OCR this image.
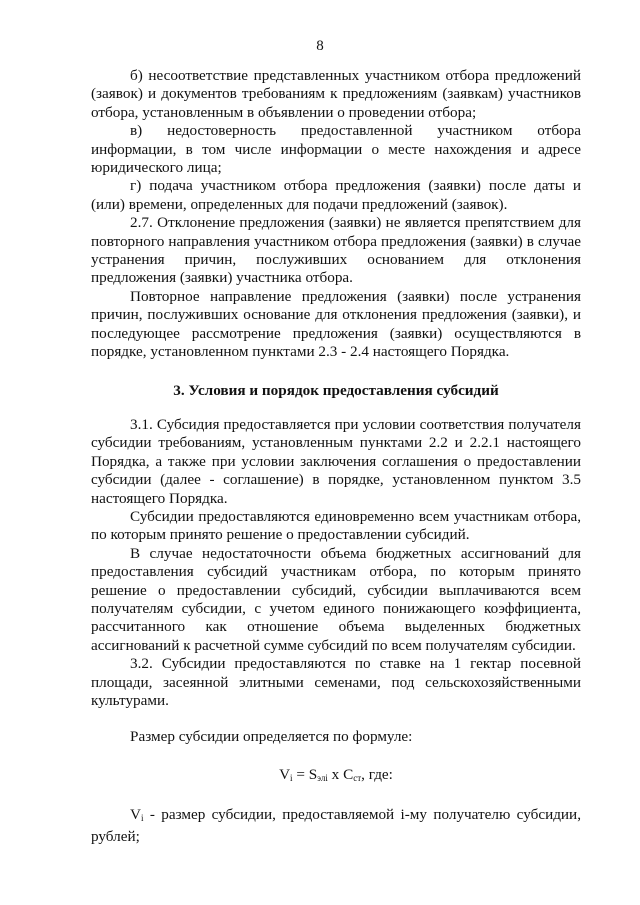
8

б) несоответствие представленных участником отбора предложений (заявок) и документов требованиям к предложениям (заявкам) участников отбора, установленным в объявлении о проведении отбора;

в) недостоверность предоставленной участником отбора информации, в том числе информации о месте нахождения и адресе юридического лица;

г) подача участником отбора предложения (заявки) после даты и (или) времени, определенных для подачи предложений (заявок).

2.7. Отклонение предложения (заявки) не является препятствием для повторного направления участником отбора предложения (заявки) в случае устранения причин, послуживших основанием для отклонения предложения (заявки) участника отбора.

Повторное направление предложения (заявки) после устранения причин, послуживших основание для отклонения предложения (заявки), и последующее рассмотрение предложения (заявки) осуществляются в порядке, установленном пунктами 2.3 - 2.4 настоящего Порядка.

3. Условия и порядок предоставления субсидий

3.1. Субсидия предоставляется при условии соответствия получателя субсидии требованиям, установленным пунктами 2.2 и 2.2.1 настоящего Порядка, а также при условии заключения соглашения о предоставлении субсидии (далее - соглашение) в порядке, установленном пунктом 3.5 настоящего Порядка.

Субсидии предоставляются единовременно всем участникам отбора, по которым принято решение о предоставлении субсидий.

В случае недостаточности объема бюджетных ассигнований для предоставления субсидий участникам отбора, по которым принято решение о предоставлении субсидий, субсидии выплачиваются всем получателям субсидии, с учетом единого понижающего коэффициента, рассчитанного как отношение объема выделенных бюджетных ассигнований к расчетной сумме субсидий по всем получателям субсидии.

3.2. Субсидии предоставляются по ставке на 1 гектар посевной площади, засеянной элитными семенами, под сельскохозяйственными культурами.

Размер субсидии определяется по формуле:

$V_i = S_{элi}$ x $C_{ст}$, где:

$V_i$ - размер субсидии, предоставляемой i-му получателю субсидии, рублей;
